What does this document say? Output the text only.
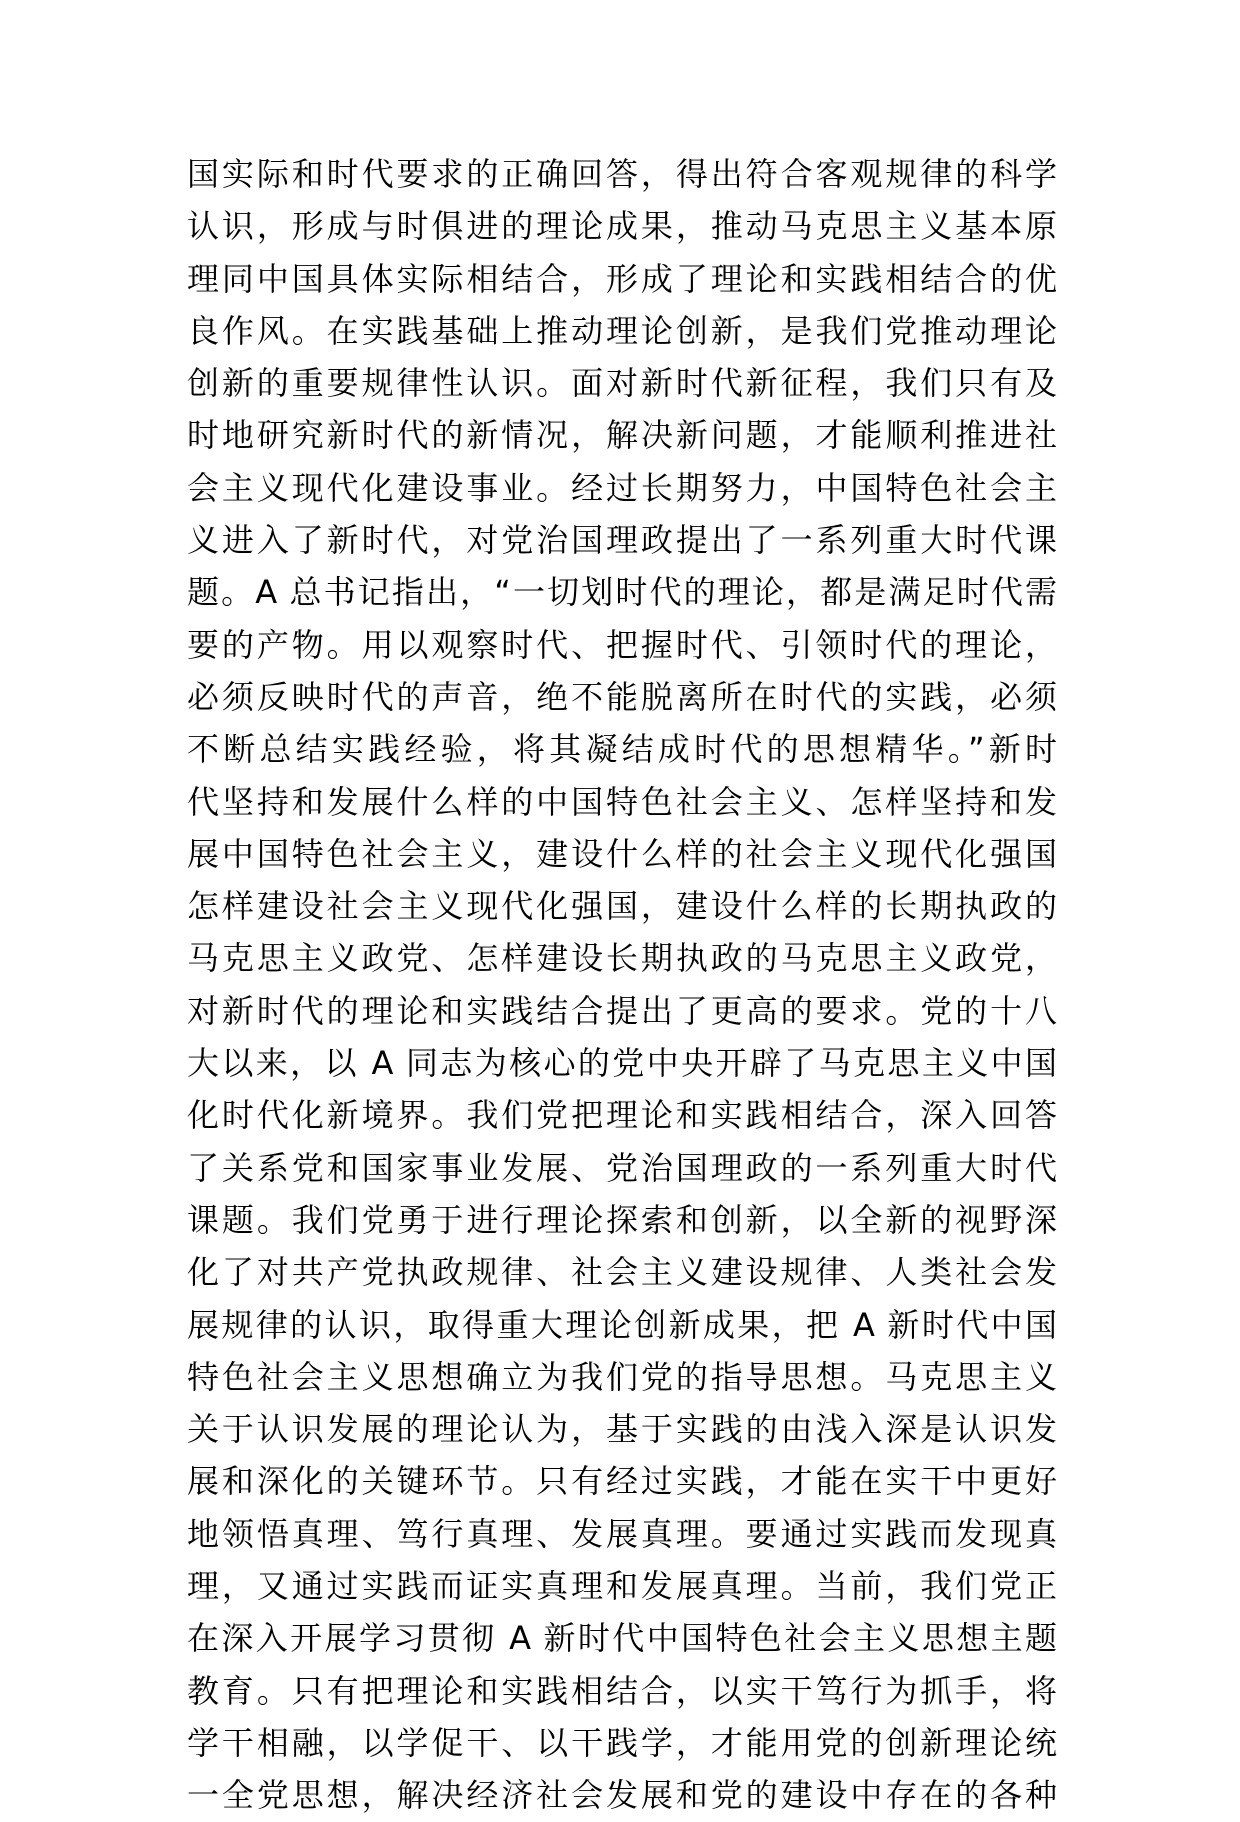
国实际和时代要求的正确回答，得出符合客观规律的科学
认识，形成与时俱进的理论成果，推动马克思主义基本原
理同中国具体实际相结合，形成了理论和实践相结合的优
良作风。在实践基础上推动理论创新，是我们党推动理论
创新的重要规律性认识。面对新时代新征程，我们只有及
时地研究新时代的新情况，解决新问题，才能顺利推进社
会主义现代化建设事业。经过长期努力，中国特色社会主
义进入了新时代，对党治国理政提出了一系列重大时代课
题。A 总书记指出，“一切划时代的理论，都是满足时代需
要的产物。用以观察时代、把握时代、引领时代的理论，
必须反映时代的声音，绝不能脱离所在时代的实践，必须
不断总结实践经验，将其凝结成时代的思想精华。”新时
代坚持和发展什么样的中国特色社会主义、怎样坚持和发
展中国特色社会主义，建设什么样的社会主义现代化强国
怎样建设社会主义现代化强国，建设什么样的长期执政的
马克思主义政党、怎样建设长期执政的马克思主义政党，
对新时代的理论和实践结合提出了更高的要求。党的十八
大以来，以 A 同志为核心的党中央开辟了马克思主义中国
化时代化新境界。我们党把理论和实践相结合，深入回答
了关系党和国家事业发展、党治国理政的一系列重大时代
课题。我们党勇于进行理论探索和创新，以全新的视野深
化了对共产党执政规律、社会主义建设规律、人类社会发
展规律的认识，取得重大理论创新成果，把 A 新时代中国
特色社会主义思想确立为我们党的指导思想。马克思主义
关于认识发展的理论认为，基于实践的由浅入深是认识发
展和深化的关键环节。只有经过实践，才能在实干中更好
地领悟真理、笃行真理、发展真理。要通过实践而发现真
理，又通过实践而证实真理和发展真理。当前，我们党正
在深入开展学习贯彻 A 新时代中国特色社会主义思想主题
教育。只有把理论和实践相结合，以实干笃行为抓手，将
学干相融，以学促干、以干践学，才能用党的创新理论统
一全党思想，解决经济社会发展和党的建设中存在的各种
